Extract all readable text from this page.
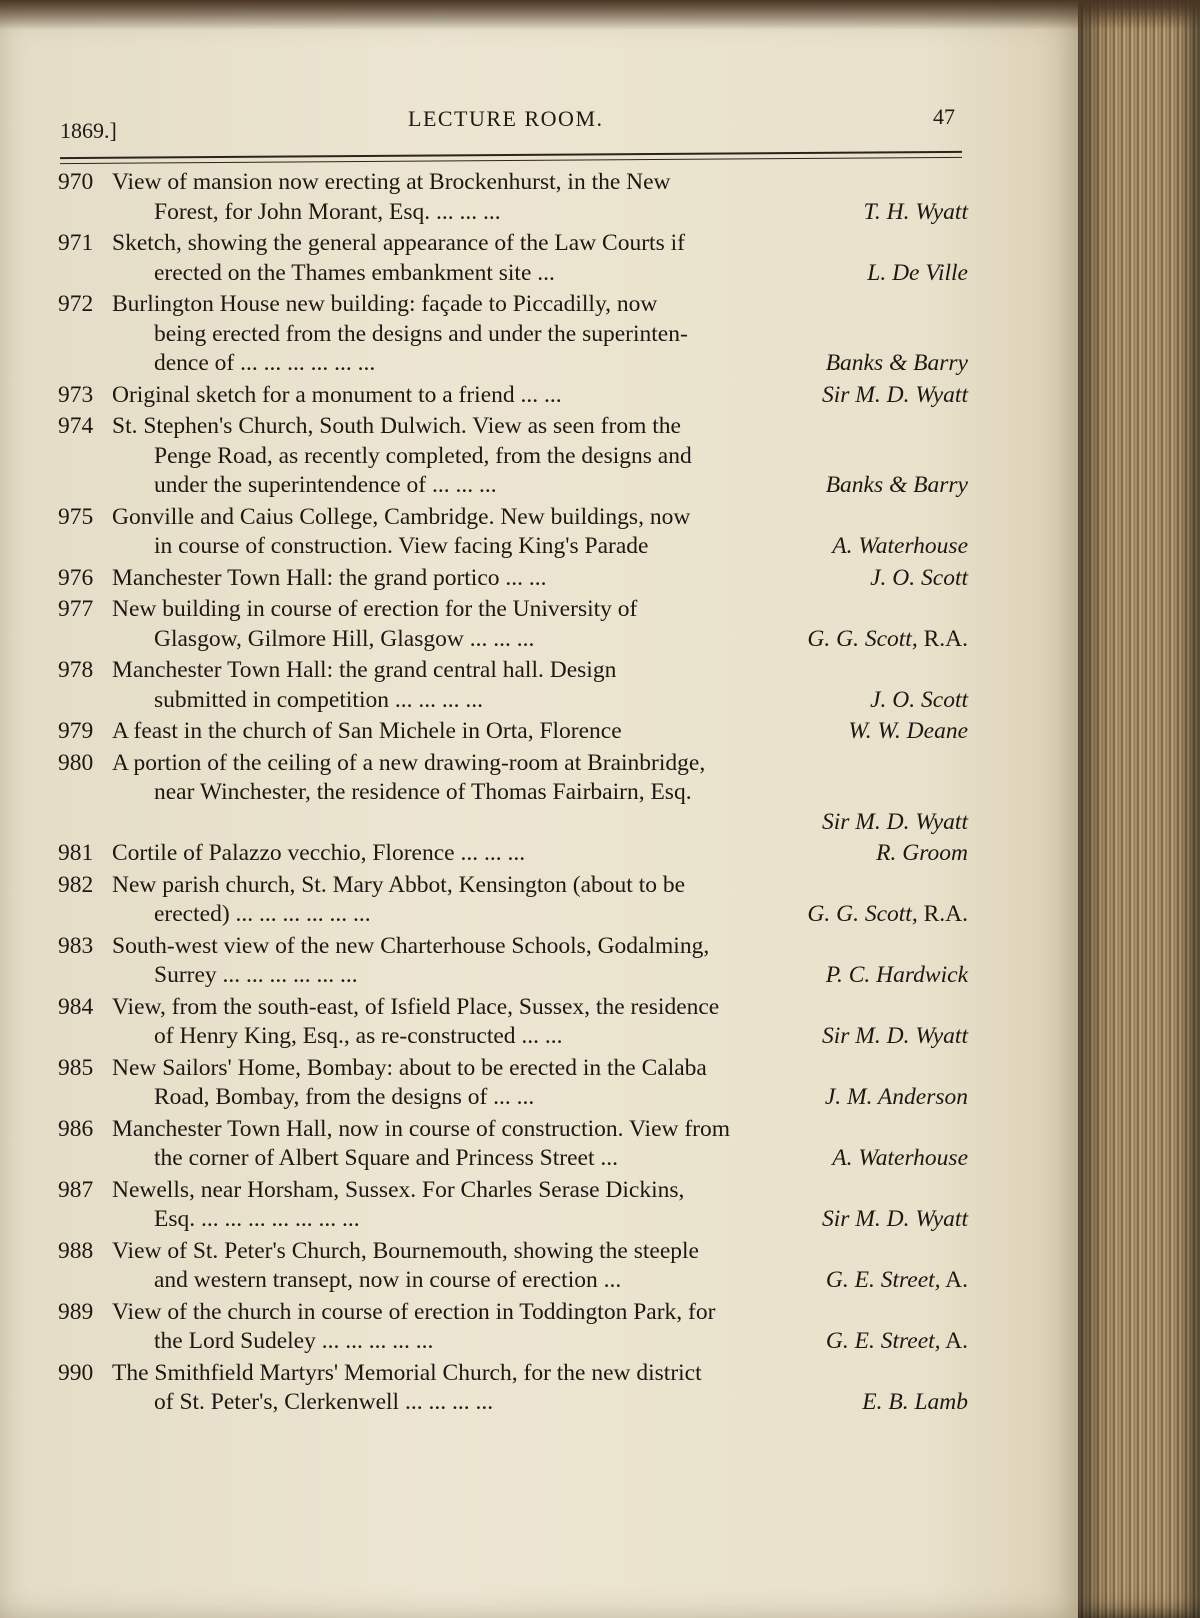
1869.]	LECTURE ROOM.	47
970 View of mansion now erecting at Brockenhurst, in the New
Forest, for John Morant, Esq. ... ... ...	T. H. Wyatt
971 Sketch, showing the general appearance of the Law Courts if
erected on the Thames embankment site ...	L. De Ville
972 Burlington House new building: façade to Piccadilly, now
being erected from the designs and under the superinten-
dence of ... ... ... ... ... ...	Banks & Barry
973 Original sketch for a monument to a friend ... ...	Sir M. D. Wyatt
974 St. Stephen's Church, South Dulwich. View as seen from the
Penge Road, as recently completed, from the designs and
under the superintendence of ... ... ...	Banks & Barry
975 Gonville and Caius College, Cambridge. New buildings, now
in course of construction. View facing King's Parade	A. Waterhouse
976 Manchester Town Hall: the grand portico ... ...	J. O. Scott
977 New building in course of erection for the University of
Glasgow, Gilmore Hill, Glasgow ... ... ...	G. G. Scott, R.A.
978 Manchester Town Hall: the grand central hall. Design
submitted in competition ... ... ... ...	J. O. Scott
979 A feast in the church of San Michele in Orta, Florence	W. W. Deane
980 A portion of the ceiling of a new drawing-room at Brainbridge,
near Winchester, the residence of Thomas Fairbairn, Esq.
Sir M. D. Wyatt
981 Cortile of Palazzo vecchio, Florence ... ... ...	R. Groom
982 New parish church, St. Mary Abbot, Kensington (about to be
erected) ... ... ... ... ... ...	G. G. Scott, R.A.
983 South-west view of the new Charterhouse Schools, Godalming,
Surrey ... ... ... ... ... ...	P. C. Hardwick
984 View, from the south-east, of Isfield Place, Sussex, the residence
of Henry King, Esq., as re-constructed ... ...	Sir M. D. Wyatt
985 New Sailors' Home, Bombay: about to be erected in the Calaba
Road, Bombay, from the designs of ... ...	J. M. Anderson
986 Manchester Town Hall, now in course of construction. View from
the corner of Albert Square and Princess Street ...	A. Waterhouse
987 Newells, near Horsham, Sussex. For Charles Serase Dickins,
Esq. ... ... ... ... ... ... ...	Sir M. D. Wyatt
988 View of St. Peter's Church, Bournemouth, showing the steeple
and western transept, now in course of erection ...	G. E. Street, A.
989 View of the church in course of erection in Toddington Park, for
the Lord Sudeley ... ... ... ... ...	G. E. Street, A.
990 The Smithfield Martyrs' Memorial Church, for the new district
of St. Peter's, Clerkenwell ... ... ... ...	E. B. Lamb
